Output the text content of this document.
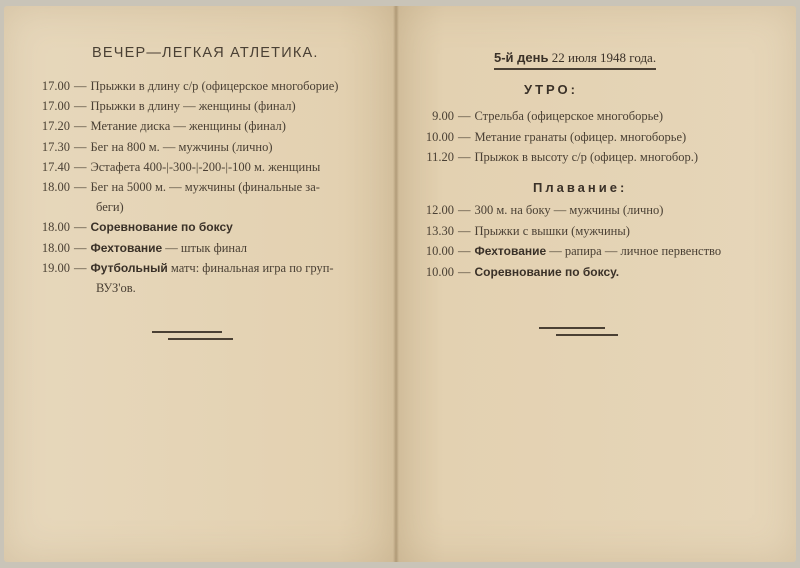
ВЕЧЕР—ЛЕГКАЯ АТЛЕТИКА.
17.00 — Прыжки в длину с/р (офицерское многоборие)
17.00 — Прыжки в длину — женщины (финал)
17.20 — Метание диска — женщины (финал)
17.30 — Бег на 800 м. — мужчины (лично)
17.40 — Эстафета 400-|-300-|-200-|-100 м. женщины
18.00 — Бег на 5000 м. — мужчины (финальные за-
беги)
18.00 — Соревнование по боксу
18.00 — Фехтование — штык финал
19.00 — Футбольный матч: финальная игра по груп-
ВУЗ'ов.
5-й день 22 июля 1948 года.
УТРО:
9.00 — Стрельба (офицерское многоборье)
10.00 — Метание гранаты (офицер. многоборье)
11.20 — Прыжок в высоту с/р (офицер. многобор.)
Плавание:
12.00 — 300 м. на боку — мужчины (лично)
13.30 — Прыжки с вышки (мужчины)
10.00 — Фехтование — рапира — личное первенство
10.00 — Соревнование по боксу.
